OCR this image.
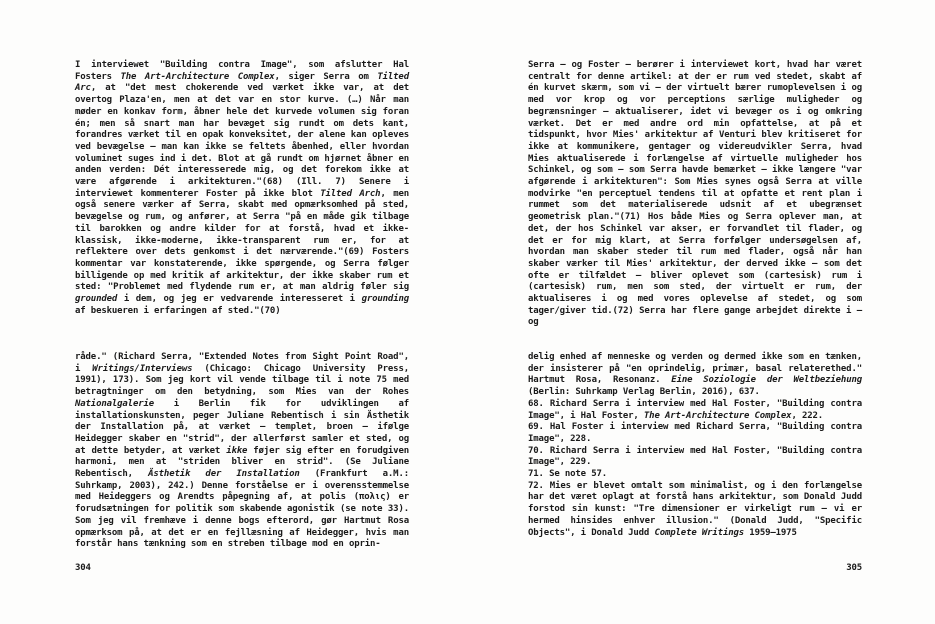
I interviewet "Building contra Image", som afslutter Hal Fosters The Art-Architecture Complex, siger Serra om Tilted Arc, at "det mest chokerende ved værket ikke var, at det overtog Plaza'en, men at det var en stor kurve. (…) Når man møder en konkav form, åbner hele det kurvede volumen sig foran én; men så snart man har bevæget sig rundt om dets kant, forandres værket til en opak konveksitet, der alene kan opleves ved bevægelse — man kan ikke se feltets åbenhed, eller hvordan voluminet suges ind i det. Blot at gå rundt om hjørnet åbner en anden verden: Dét interesserede mig, og det forekom ikke at være afgørende i arkitekturen."(68) (Ill. 7) Senere i interviewet kommenterer Foster på ikke blot Tilted Arch, men også senere værker af Serra, skabt med opmærksomhed på sted, bevægelse og rum, og anfører, at Serra "på en måde gik tilbage til barokken og andre kilder for at forstå, hvad et ikke-klassisk, ikke-moderne, ikke-transparent rum er, for at reflektere over dets genkomst i det nærværende."(69) Fosters kommentar var konstaterende, ikke spørgende, og Serra følger billigende op med kritik af arkitektur, der ikke skaber rum et sted: "Problemet med flydende rum er, at man aldrig føler sig grounded i dem, og jeg er vedvarende interesseret i grounding af beskueren i erfaringen af sted."(70)

råde." (Richard Serra, "Extended Notes from Sight Point Road", i Writings/Interviews (Chicago: Chicago University Press, 1991), 173). Som jeg kort vil vende tilbage til i note 75 med betragtninger om den betydning, som Mies van der Rohes Nationalgalerie i Berlin fik for udviklingen af installationskunsten, peger Juliane Rebentisch i sin Ästhetik der Installation på, at værket — templet, broen — ifølge Heidegger skaber en "strid", der allerførst samler et sted, og at dette betyder, at værket ikke føjer sig efter en forudgiven harmoni, men at "striden bliver en strid". (Se Juliane Rebentisch, Ästhetik der Installation (Frankfurt a.M.: Suhrkamp, 2003), 242.) Denne forståelse er i overensstemmelse med Heideggers og Arendts påpegning af, at polis (πολις) er forudsætningen for politik som skabende agonistik (se note 33). Som jeg vil fremhæve i denne bogs efterord, gør Hartmut Rosa opmærksom på, at det er en fejllæsning af Heidegger, hvis man forstår hans tænkning som en streben tilbage mod en oprin-

304

Serra — og Foster — berører i interviewet kort, hvad har været centralt for denne artikel: at der er rum ved stedet, skabt af én kurvet skærm, som vi — der virtuelt bærer rumoplevelsen i og med vor krop og vor perceptions særlige muligheder og begrænsninger — aktualiserer, idet vi bevæger os i og omkring værket. Det er med andre ord min opfattelse, at på et tidspunkt, hvor Mies' arkitektur af Venturi blev kritiseret for ikke at kommunikere, gentager og videreudvikler Serra, hvad Mies aktualiserede i forlængelse af virtuelle muligheder hos Schinkel, og som — som Serra havde bemærket — ikke længere "var afgørende i arkitekturen": Som Mies synes også Serra at ville modvirke "en perceptuel tendens til at opfatte et rent plan i rummet som det materialiserede udsnit af et ubegrænset geometrisk plan."(71) Hos både Mies og Serra oplever man, at det, der hos Schinkel var akser, er forvandlet til flader, og det er for mig klart, at Serra forfølger undersøgelsen af, hvordan man skaber steder til rum med flader, også når han skaber værker til Mies' arkitektur, der derved ikke — som det ofte er tilfældet — bliver oplevet som (cartesisk) rum i (cartesisk) rum, men som sted, der virtuelt er rum, der aktualiseres i og med vores oplevelse af stedet, og som tager/giver tid.(72) Serra har flere gange arbejdet direkte i — og

delig enhed af menneske og verden og dermed ikke som en tænken, der insisterer på "en oprindelig, primær, basal relaterethed." Hartmut Rosa, Resonanz. Eine Soziologie der Weltbeziehung (Berlin: Suhrkamp Verlag Berlin, 2016), 637.

68. Richard Serra i interview med Hal Foster, "Building contra Image", i Hal Foster, The Art-Architecture Complex, 222.

69. Hal Foster i interview med Richard Serra, "Building contra Image", 228.

70. Richard Serra i interview med Hal Foster, "Building contra Image", 229.

71. Se note 57.

72. Mies er blevet omtalt som minimalist, og i den forlængelse har det været oplagt at forstå hans arkitektur, som Donald Judd forstod sin kunst: "Tre dimensioner er virkeligt rum — vi er hermed hinsides enhver illusion." (Donald Judd, "Specific Objects", i Donald Judd Complete Writings 1959–1975

305
